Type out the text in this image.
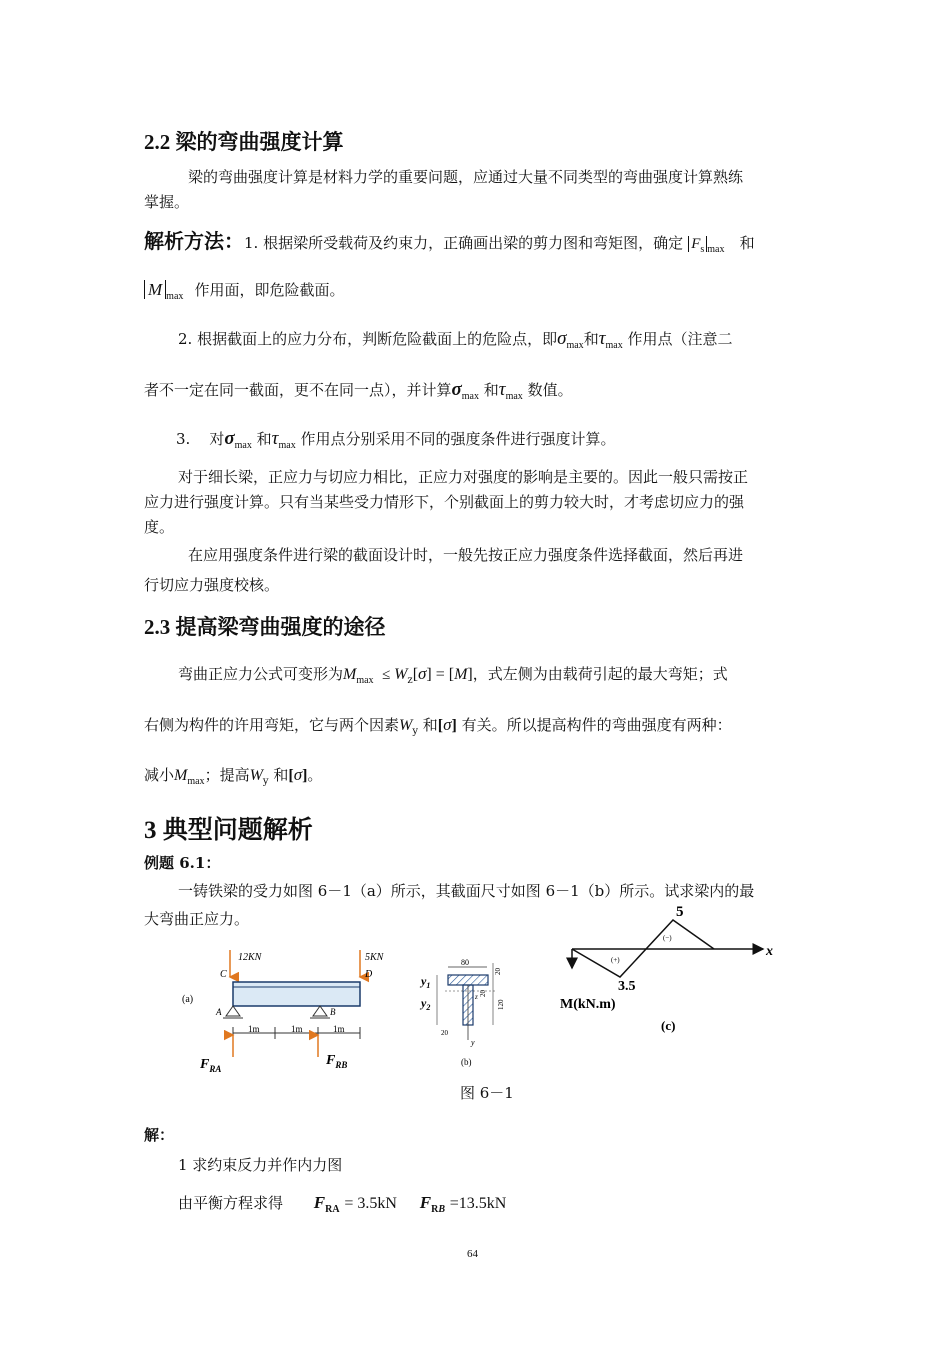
2.2 梁的弯曲强度计算
梁的弯曲强度计算是材料力学的重要问题，应通过大量不同类型的弯曲强度计算熟练
掌握。
解析方法：1. 根据梁所受载荷及约束力，正确画出梁的剪力图和弯矩图，确定 $F_s$ $_{max}$ 和
M $_{max}$ 作用面，即危险截面。
2. 根据截面上的应力分布，判断危险截面上的危险点，即$\sigma_{max}$和$\tau_{max}$ 作用点（注意二
者不一定在同一截面，更不在同一点），并计算$\sigma_{max}$ 和$\tau_{max}$ 数值。
3. 对$\sigma_{max}$ 和$\tau_{max}$ 作用点分别采用不同的强度条件进行强度计算。
对于细长梁，正应力与切应力相比，正应力对强度的影响是主要的。因此一般只需按正
应力进行强度计算。只有当某些受力情形下，个别截面上的剪力较大时，才考虑切应力的强
度。
在应用强度条件进行梁的截面设计时，一般先按正应力强度条件选择截面，然后再进
行切应力强度校核。
2.3 提高梁弯曲强度的途径
弯曲正应力公式可变形为$M_{max} \le W_z[\sigma] = [M]$，式左侧为由载荷引起的最大弯矩；式
右侧为构件的许用弯矩，它与两个因素$W_y$ 和[σ] 有关。所以提高构件的弯曲强度有两种：
减小$M_{max}$；提高$W_y$ 和[σ]。
3 典型问题解析
例题 6.1：
一铸铁梁的受力如图 6－1（a）所示，其截面尺寸如图 6－1（b）所示。试求梁内的最
大弯曲正应力。
(a)
12KN
C
5KN
D
A	B
1m	1m	1m
$F_{RA}$
$F_{RB}$
80
z
y
20
120
20
20
$y_1$
$y_2$
(b)
x
5
(−)
(+)
3.5
M(kN.m)
(c)
图 6－1
解：
1 求约束反力并作内力图
由平衡方程求得 $F_{RA} = 3.5kN$ $F_{RB} =13.5kN$
64
